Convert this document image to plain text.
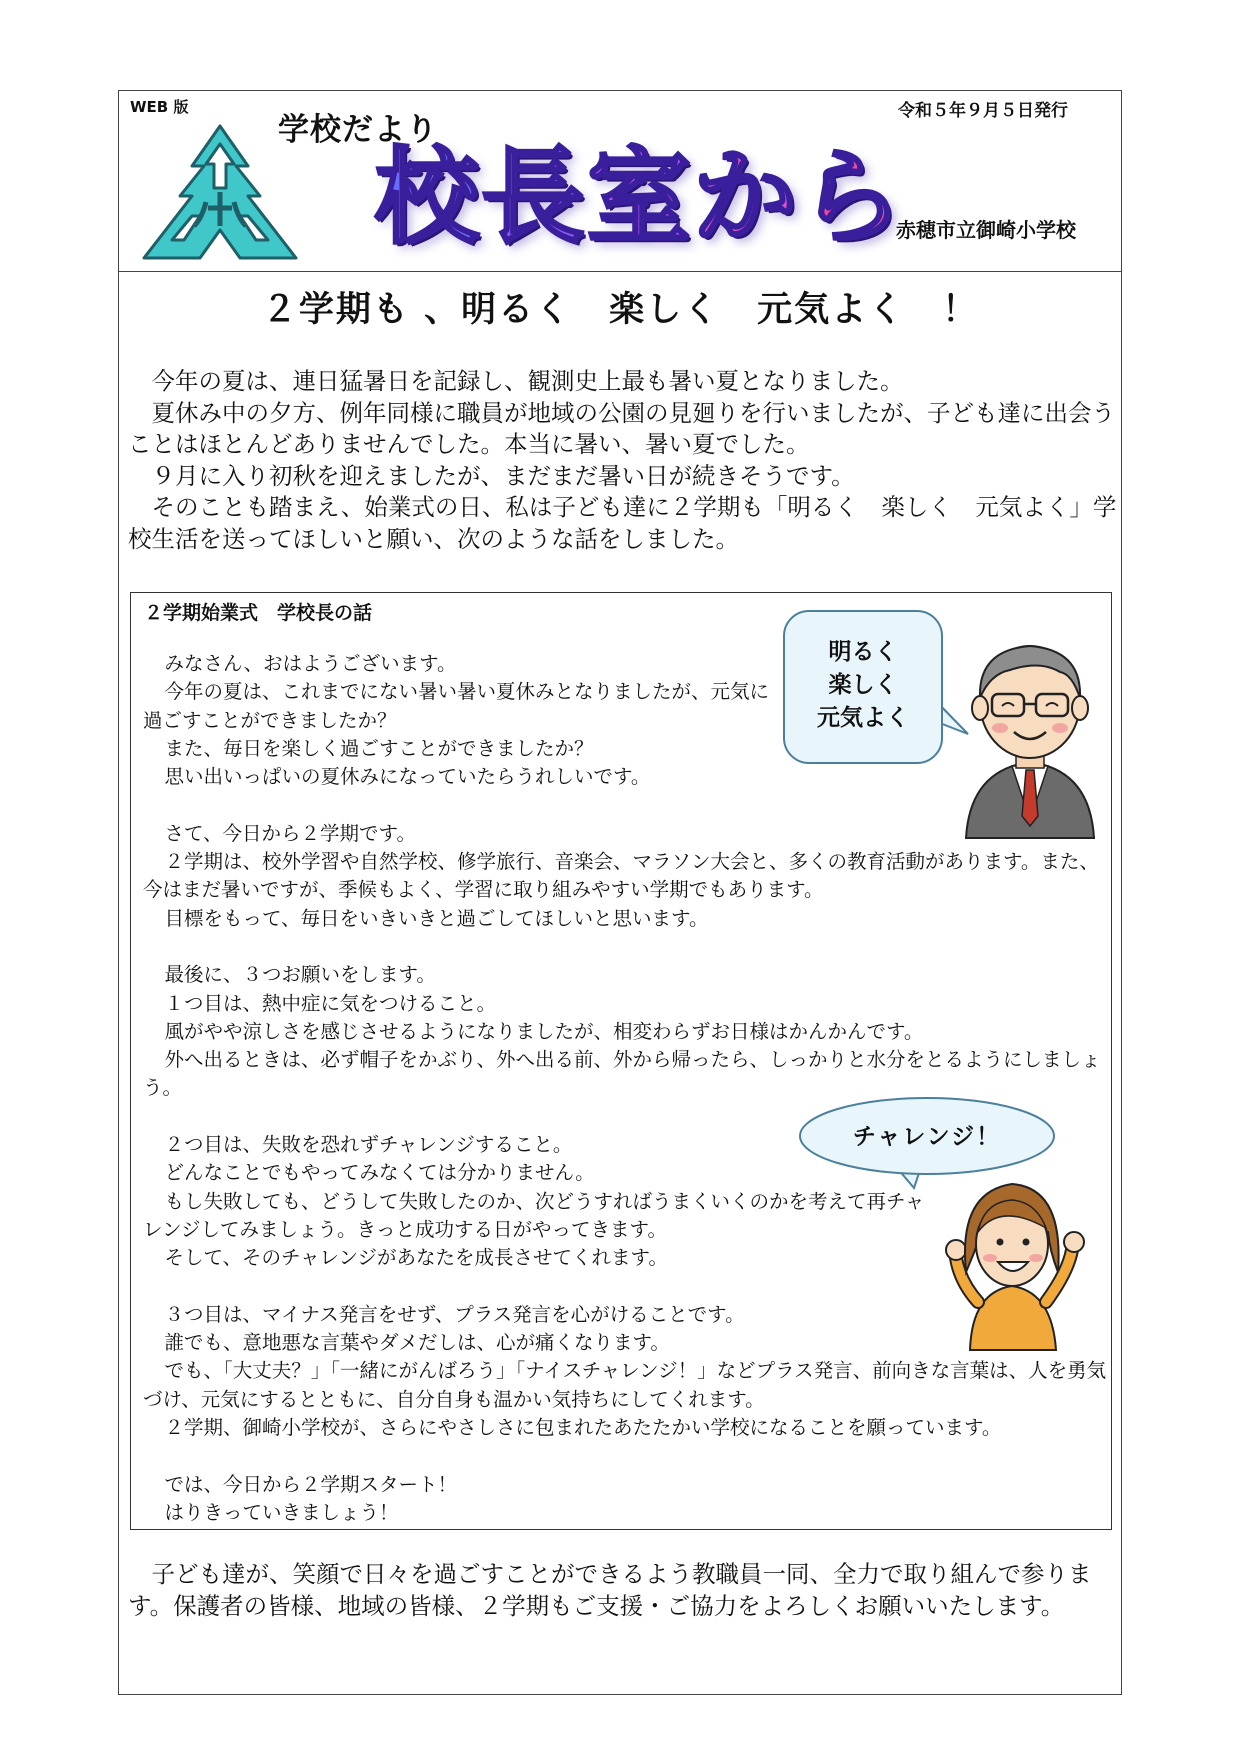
WEB 版	令和５年９月５日発行
学校だより
校長室から
赤穂市立御崎小学校
２学期も 、明るく　楽しく　元気よく　！

今年の夏は、連日猛暑日を記録し、観測史上最も暑い夏となりました。

夏休み中の夕方、例年同様に職員が地域の公園の見廻りを行いましたが、子ども達に出会うことはほとんどありませんでした。本当に暑い、暑い夏でした。

９月に入り初秋を迎えましたが、まだまだ暑い日が続きそうです。

そのことも踏まえ、始業式の日、私は子ども達に２学期も「明るく　楽しく　元気よく」学校生活を送ってほしいと願い、次のような話をしました。

２学期始業式　学校長の話

みなさん、おはようございます。

今年の夏は、これまでにない暑い暑い夏休みとなりましたが、元気に過ごすことができましたか？

また、毎日を楽しく過ごすことができましたか？

思い出いっぱいの夏休みになっていたらうれしいです。

さて、今日から２学期です。

２学期は、校外学習や自然学校、修学旅行、音楽会、マラソン大会と、多くの教育活動があります。また、今はまだ暑いですが、季候もよく、学習に取り組みやすい学期でもあります。

目標をもって、毎日をいきいきと過ごしてほしいと思います。

最後に、３つお願いをします。

１つ目は、熱中症に気をつけること。

風がやや涼しさを感じさせるようになりましたが、相変わらずお日様はかんかんです。

外へ出るときは、必ず帽子をかぶり、外へ出る前、外から帰ったら、しっかりと水分をとるようにしましょう。

２つ目は、失敗を恐れずチャレンジすること。

どんなことでもやってみなくては分かりません。

もし失敗しても、どうして失敗したのか、次どうすればうまくいくのかを考えて再チャレンジしてみましょう。きっと成功する日がやってきます。

そして、そのチャレンジがあなたを成長させてくれます。

３つ目は、マイナス発言をせず、プラス発言を心がけることです。

誰でも、意地悪な言葉やダメだしは、心が痛くなります。

でも、「大丈夫？」「一緒にがんばろう」「ナイスチャレンジ！」などプラス発言、前向きな言葉は、人を勇気づけ、元気にするとともに、自分自身も温かい気持ちにしてくれます。

２学期、御崎小学校が、さらにやさしさに包まれたあたたかい学校になることを願っています。

では、今日から２学期スタート！

はりきっていきましょう！

明るく
楽しく
元気よく
チャレンジ！

子ども達が、笑顔で日々を過ごすことができるよう教職員一同、全力で取り組んで参ります。保護者の皆様、地域の皆様、２学期もご支援・ご協力をよろしくお願いいたします。
